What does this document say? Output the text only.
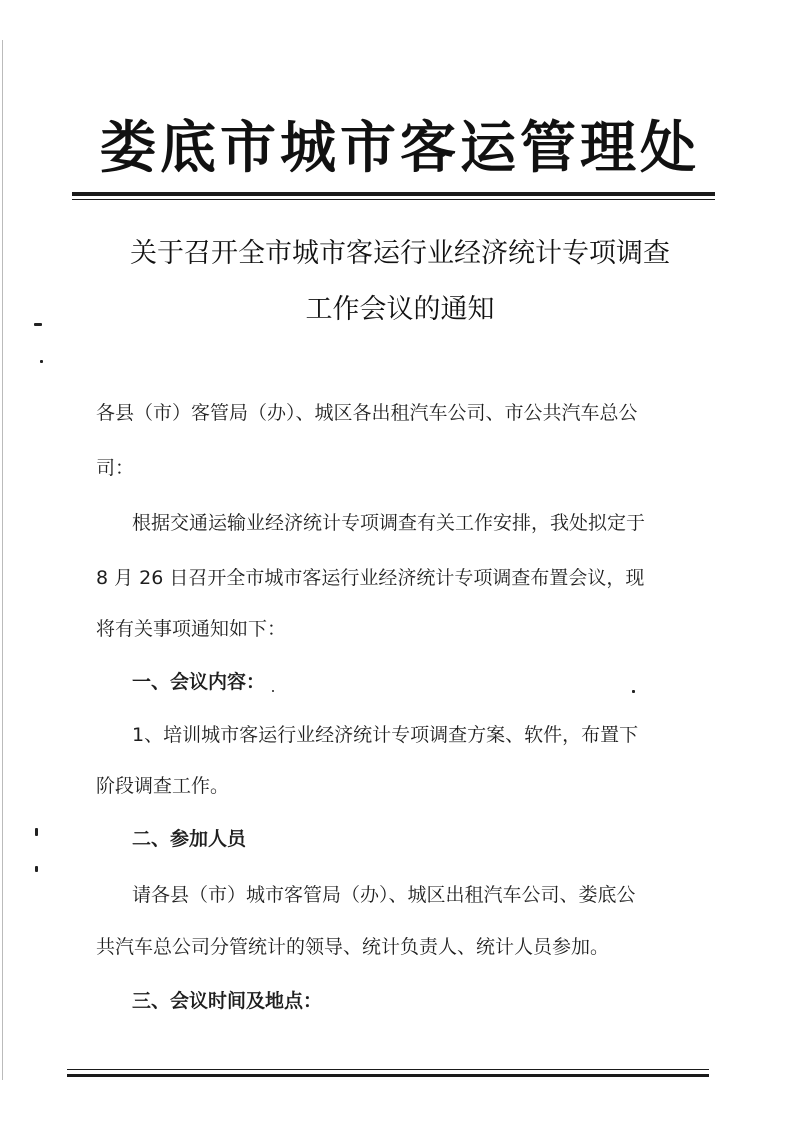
娄底市城市客运管理处
关于召开全市城市客运行业经济统计专项调查
工作会议的通知
各县（市）客管局（办）、城区各出租汽车公司、市公共汽车总公
司：
根据交通运输业经济统计专项调查有关工作安排，我处拟定于
8 月 26 日召开全市城市客运行业经济统计专项调查布置会议，现
将有关事项通知如下：
一、会议内容：
1、培训城市客运行业经济统计专项调查方案、软件，布置下
阶段调查工作。
二、参加人员
请各县（市）城市客管局（办）、城区出租汽车公司、娄底公
共汽车总公司分管统计的领导、统计负责人、统计人员参加。
三、会议时间及地点：
